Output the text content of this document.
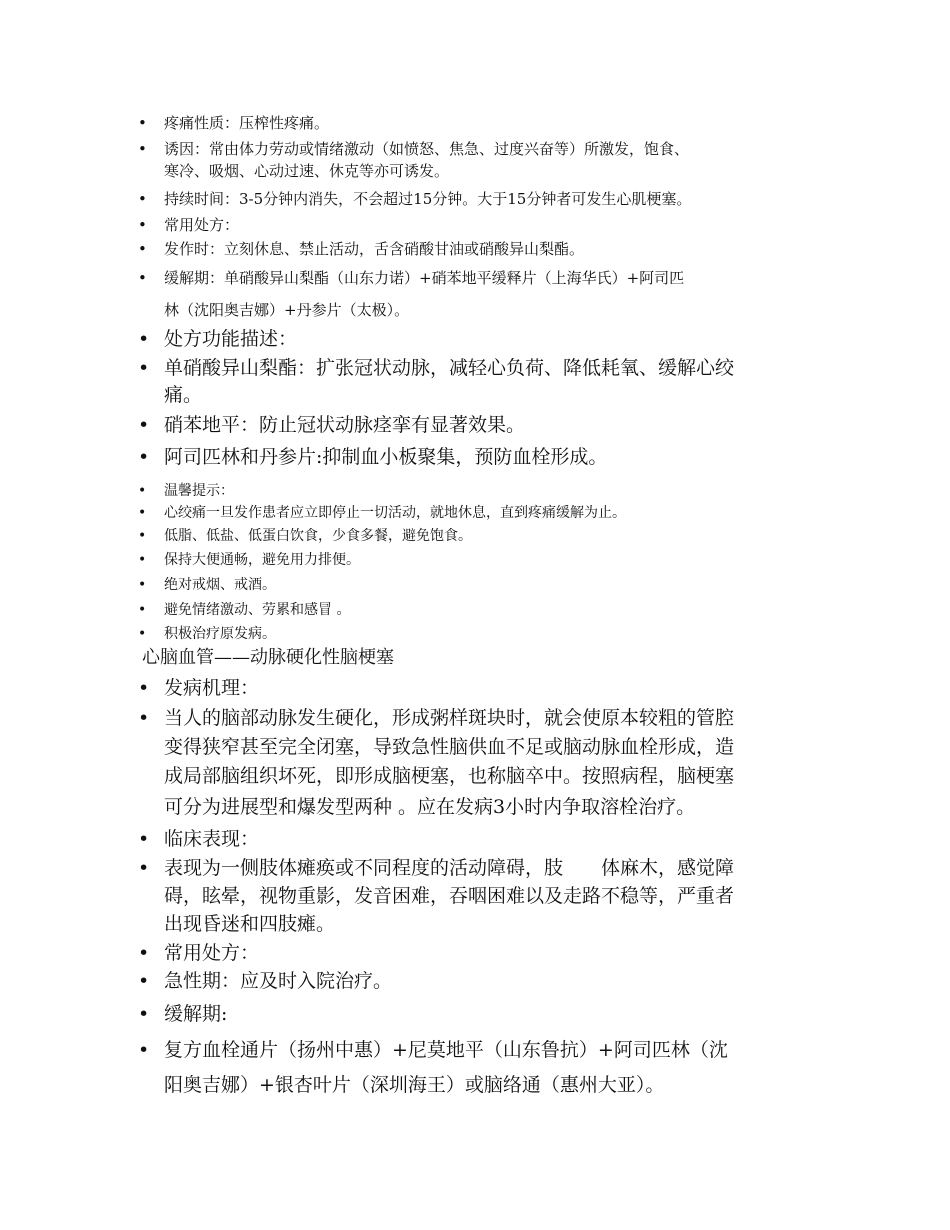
• 疼痛性质：压榨性疼痛。
• 诱因：常由体力劳动或情绪激动（如愤怒、焦急、过度兴奋等）所激发，饱食、
寒冷、吸烟、心动过速、休克等亦可诱发。
• 持续时间：3-5分钟内消失，不会超过15分钟。大于15分钟者可发生心肌梗塞。
• 常用处方：
• 发作时：立刻休息、禁止活动，舌含硝酸甘油或硝酸异山梨酯。
• 缓解期：单硝酸异山梨酯（山东力诺）+硝苯地平缓释片（上海华氏）+阿司匹
林（沈阳奥吉娜）+丹参片（太极）。
• 处方功能描述：
• 单硝酸异山梨酯：扩张冠状动脉，减轻心负荷、降低耗氧、缓解心绞
痛。
• 硝苯地平：防止冠状动脉痉挛有显著效果。
• 阿司匹林和丹参片:抑制血小板聚集，预防血栓形成。
• 温馨提示：
• 心绞痛一旦发作患者应立即停止一切活动，就地休息，直到疼痛缓解为止。
• 低脂、低盐、低蛋白饮食，少食多餐，避免饱食。
• 保持大便通畅，避免用力排便。
• 绝对戒烟、戒酒。
• 避免情绪激动、劳累和感冒 。
• 积极治疗原发病。
心脑血管——动脉硬化性脑梗塞
• 发病机理：
• 当人的脑部动脉发生硬化，形成粥样斑块时，就会使原本较粗的管腔
变得狭窄甚至完全闭塞，导致急性脑供血不足或脑动脉血栓形成，造
成局部脑组织坏死，即形成脑梗塞，也称脑卒中。按照病程，脑梗塞
可分为进展型和爆发型两种 。应在发病3小时内争取溶栓治疗。
• 临床表现：
• 表现为一侧肢体瘫痪或不同程度的活动障碍，肢　　体麻木，感觉障
碍，眩晕，视物重影，发音困难，吞咽困难以及走路不稳等，严重者
出现昏迷和四肢瘫。
• 常用处方：
• 急性期：应及时入院治疗。
• 缓解期:
• 复方血栓通片（扬州中惠）+尼莫地平（山东鲁抗）+阿司匹林（沈
阳奥吉娜）+银杏叶片（深圳海王）或脑络通（惠州大亚）。
